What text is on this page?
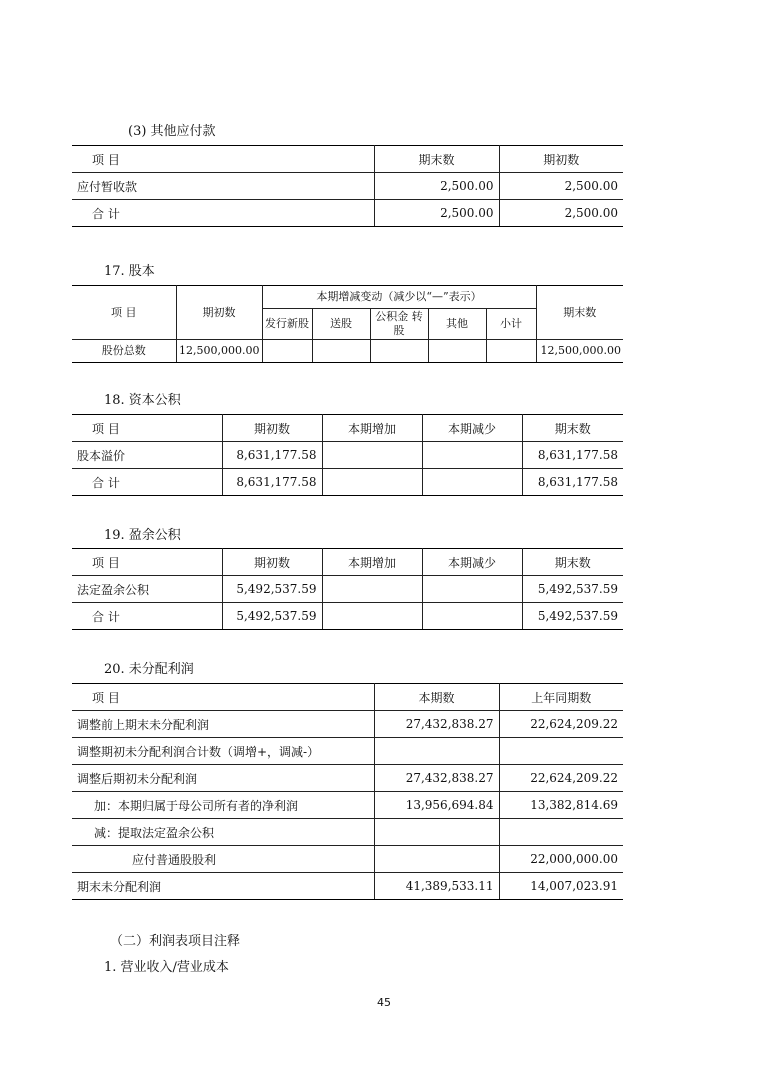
(3) 其他应付款
项 目	期末数	期初数
应付暂收款	2,500.00	2,500.00
合 计	2,500.00	2,500.00
17. 股本
项 目	期初数	本期增减变动（减少以“—”表示）					期末数
		发行新股	送股	公积金 转股	其他	小计	
股份总数	12,500,000.00						12,500,000.00
18. 资本公积
项 目	期初数	本期增加	本期减少	期末数
股本溢价	8,631,177.58			8,631,177.58
合 计	8,631,177.58			8,631,177.58
19. 盈余公积
项 目	期初数	本期增加	本期减少	期末数
法定盈余公积	5,492,537.59			5,492,537.59
合 计	5,492,537.59			5,492,537.59
20. 未分配利润
项 目	本期数	上年同期数
调整前上期末未分配利润	27,432,838.27	22,624,209.22
调整期初未分配利润合计数（调增+，调减-）		
调整后期初未分配利润	27,432,838.27	22,624,209.22
加：本期归属于母公司所有者的净利润	13,956,694.84	13,382,814.69
减：提取法定盈余公积		
应付普通股股利		22,000,000.00
期末未分配利润	41,389,533.11	14,007,023.91
（二）利润表项目注释
1. 营业收入/营业成本
45
